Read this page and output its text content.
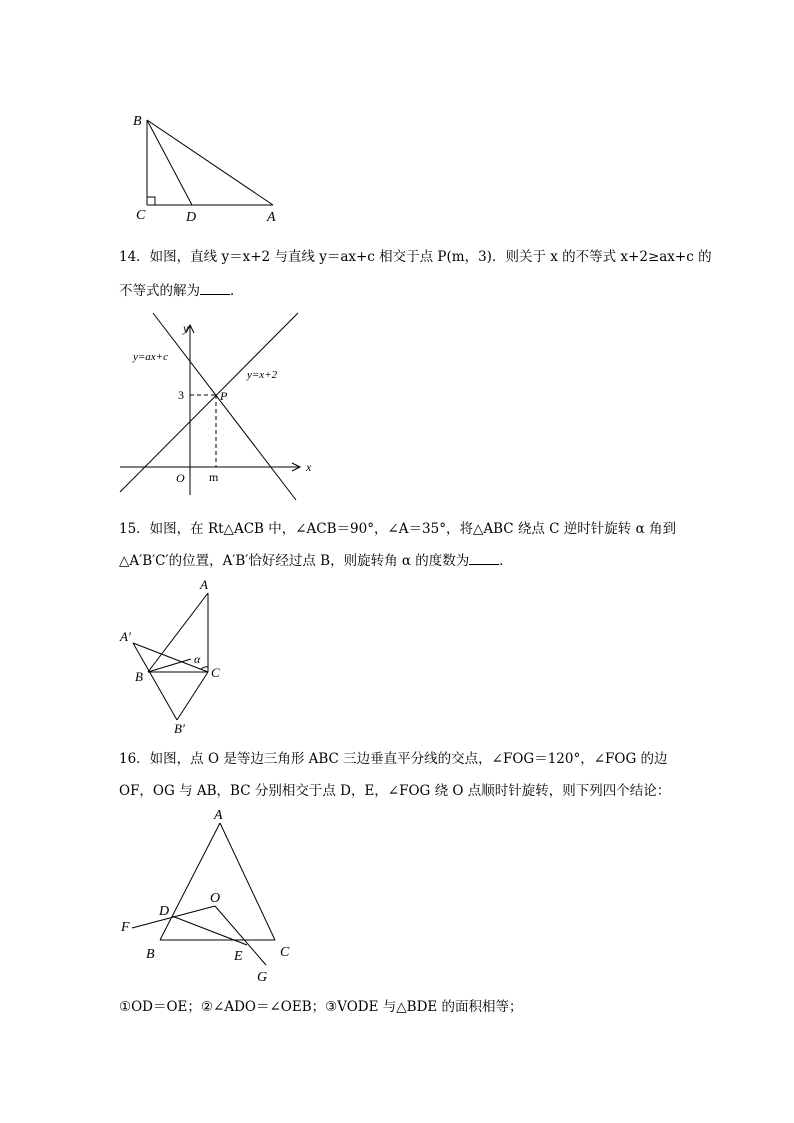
B
C	D	A
14．如图，直线 y＝x+2 与直线 y＝ax+c 相交于点 P(m，3)．则关于 x 的不等式 x+2≥ax+c 的
不等式的解为 ．
y
x
O
y=ax+c
y=x+2
P
3
m
15．如图，在 Rt△ACB 中，∠ACB＝90°，∠A＝35°，将△ABC 绕点 C 逆时针旋转 α 角到
△A′B′C′的位置，A′B′恰好经过点 B，则旋转角 α 的度数为 ．
A
A′
α
B	C
B′
16．如图，点 O 是等边三角形 ABC 三边垂直平分线的交点，∠FOG＝120°，∠FOG 的边
OF，OG 与 AB，BC 分别相交于点 D，E，∠FOG 绕 O 点顺时针旋转，则下列四个结论：
A
O
D
F
B	E	C
G
①OD＝OE；②∠ADO＝∠OEB；③VODE 与△BDE 的面积相等；
